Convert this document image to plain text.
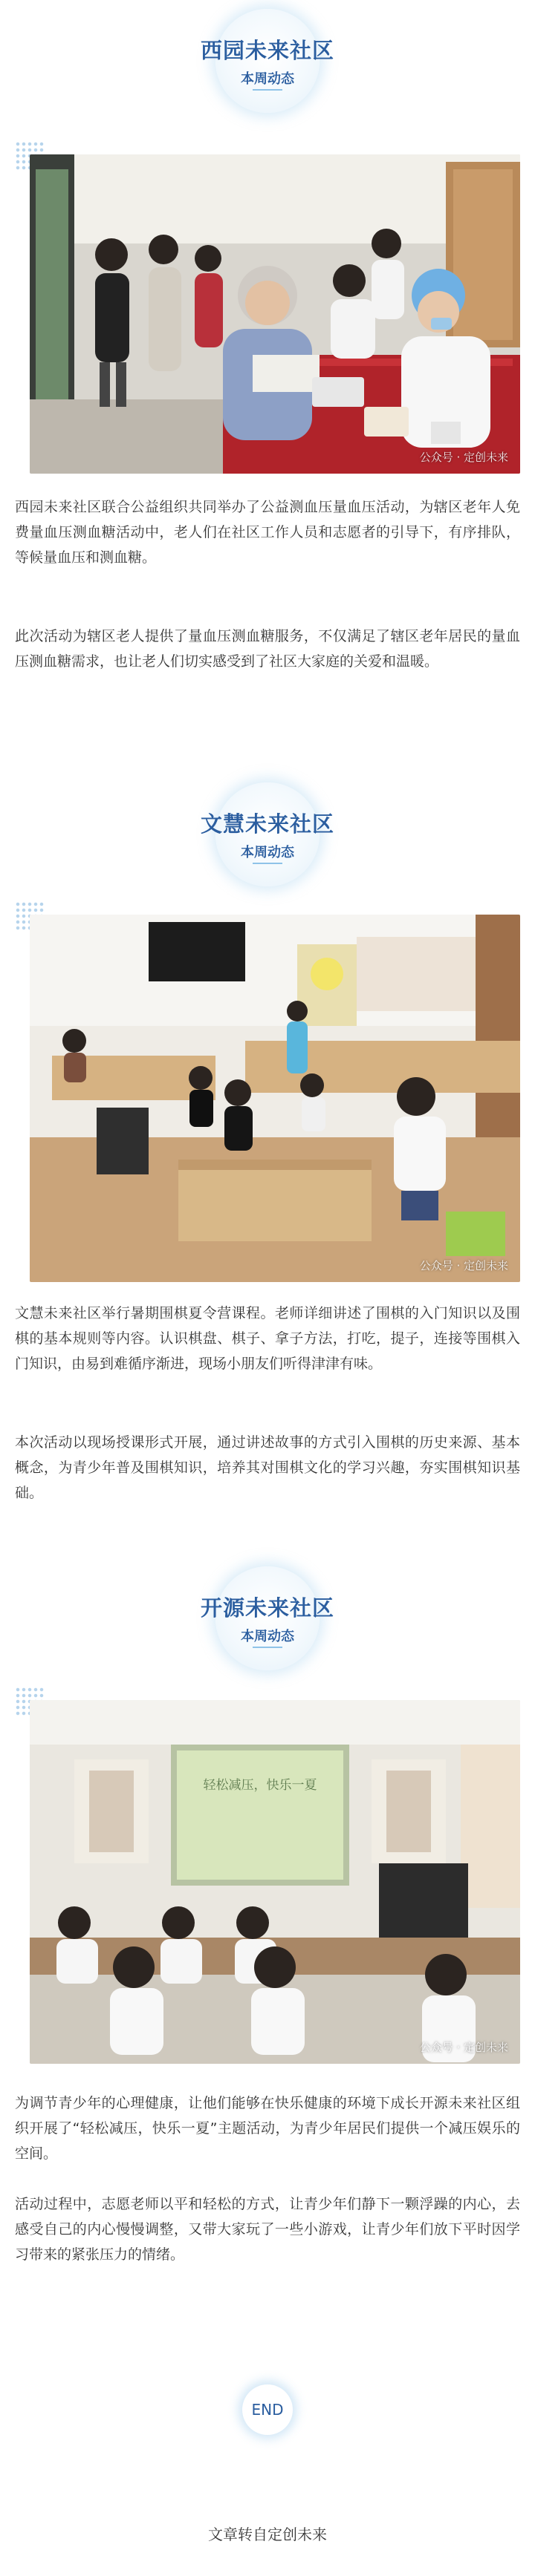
西园未来社区
本周动态
公众号 · 定创未来
西园未来社区联合公益组织共同举办了公益测血压量血压活动，为辖区老年人免费量血压测血糖活动中，老人们在社区工作人员和志愿者的引导下，有序排队，等候量血压和测血糖。
此次活动为辖区老人提供了量血压测血糖服务，不仅满足了辖区老年居民的量血压测血糖需求，也让老人们切实感受到了社区大家庭的关爱和温暖。
文慧未来社区
本周动态
公众号 · 定创未来
文慧未来社区举行暑期围棋夏令营课程。老师详细讲述了围棋的入门知识以及围棋的基本规则等内容。认识棋盘、棋子、拿子方法，打吃，提子，连接等围棋入门知识，由易到难循序渐进，现场小朋友们听得津津有味。
本次活动以现场授课形式开展，通过讲述故事的方式引入围棋的历史来源、基本概念，为青少年普及围棋知识，培养其对围棋文化的学习兴趣，夯实围棋知识基础。
开源未来社区
本周动态
轻松减压，快乐一夏
公众号 · 定创未来
为调节青少年的心理健康，让他们能够在快乐健康的环境下成长开源未来社区组织开展了“轻松减压，快乐一夏”主题活动，为青少年居民们提供一个减压娱乐的空间。
活动过程中，志愿老师以平和轻松的方式，让青少年们静下一颗浮躁的内心，去感受自己的内心慢慢调整，又带大家玩了一些小游戏，让青少年们放下平时因学习带来的紧张压力的情绪。
END
文章转自定创未来
